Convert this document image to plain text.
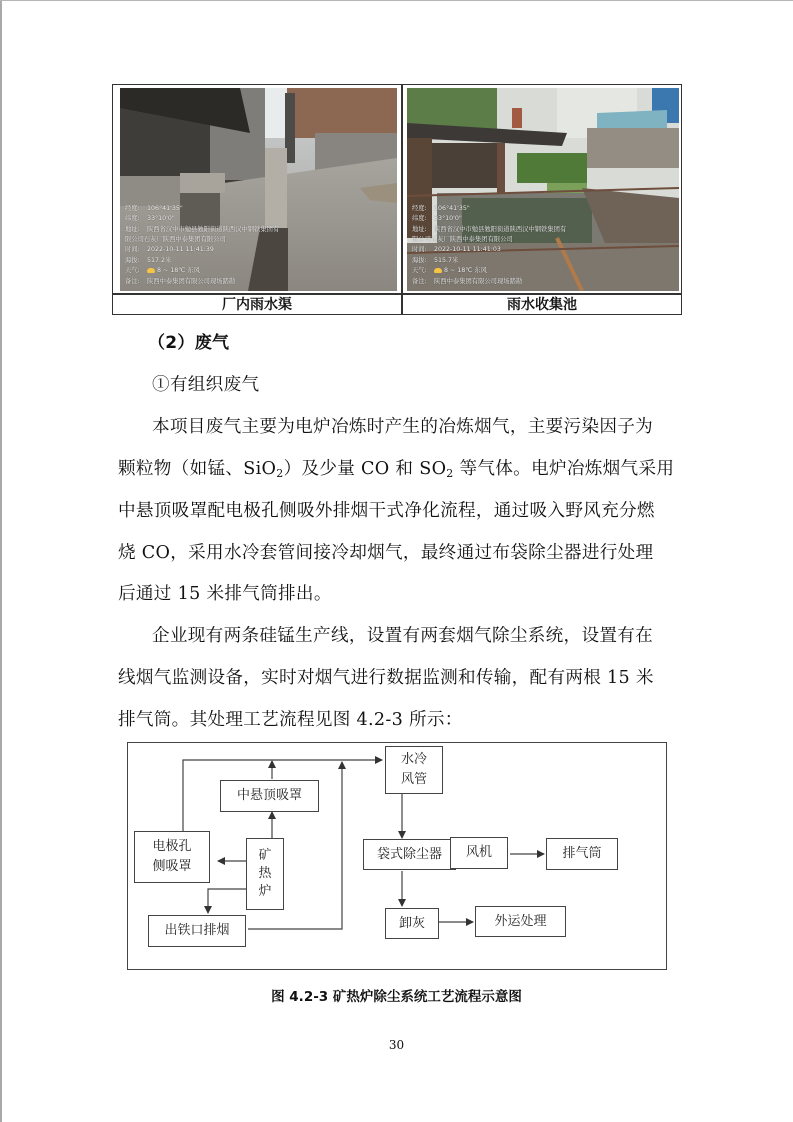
经度: 106°41'35"
纬度: 33°10'0"
地址: 陕西省汉中市勉县勉阳街道陕西汉中钢铁集团有
限公司石灰厂陕西中泰集团有限公司
时间: 2022-10-11 11:41:39
海拔: 517.2米
天气:	8 ~ 18℃ 东风
备注: 陕西中泰集团有限公司现场踏勘
经度: 106°41'35"
纬度: 33°10'0"
地址: 陕西省汉中市勉县勉阳街道陕西汉中钢铁集团有
限公司石灰厂陕西中泰集团有限公司
时间: 2022-10-11 11:41:03
海拔: 515.7米
天气:	8 ~ 18℃ 东风
备注: 陕西中泰集团有限公司现场踏勘
厂内雨水渠	雨水收集池
（2）废气
①有组织废气
本项目废气主要为电炉冶炼时产生的冶炼烟气，主要污染因子为
颗粒物（如锰、SiO$_2$）及少量 CO 和 $SO_2$ 等气体。电炉冶炼烟气采用
中悬顶吸罩配电极孔侧吸外排烟干式净化流程，通过吸入野风充分燃
烧 CO，采用水冷套管间接冷却烟气，最终通过布袋除尘器进行处理
后通过 15 米排气筒排出。
企业现有两条硅锰生产线，设置有两套烟气除尘系统，设置有在
线烟气监测设备，实时对烟气进行数据监测和传输，配有两根 15 米
排气筒。其处理工艺流程见图 4.2-3 所示：
电极孔
侧吸罩
中悬顶吸罩
矿
热
炉
出铁口排烟
水冷
风管
袋式除尘器 风机	排气筒
卸灰	外运处理
图 4.2-3 矿热炉除尘系统工艺流程示意图
30
